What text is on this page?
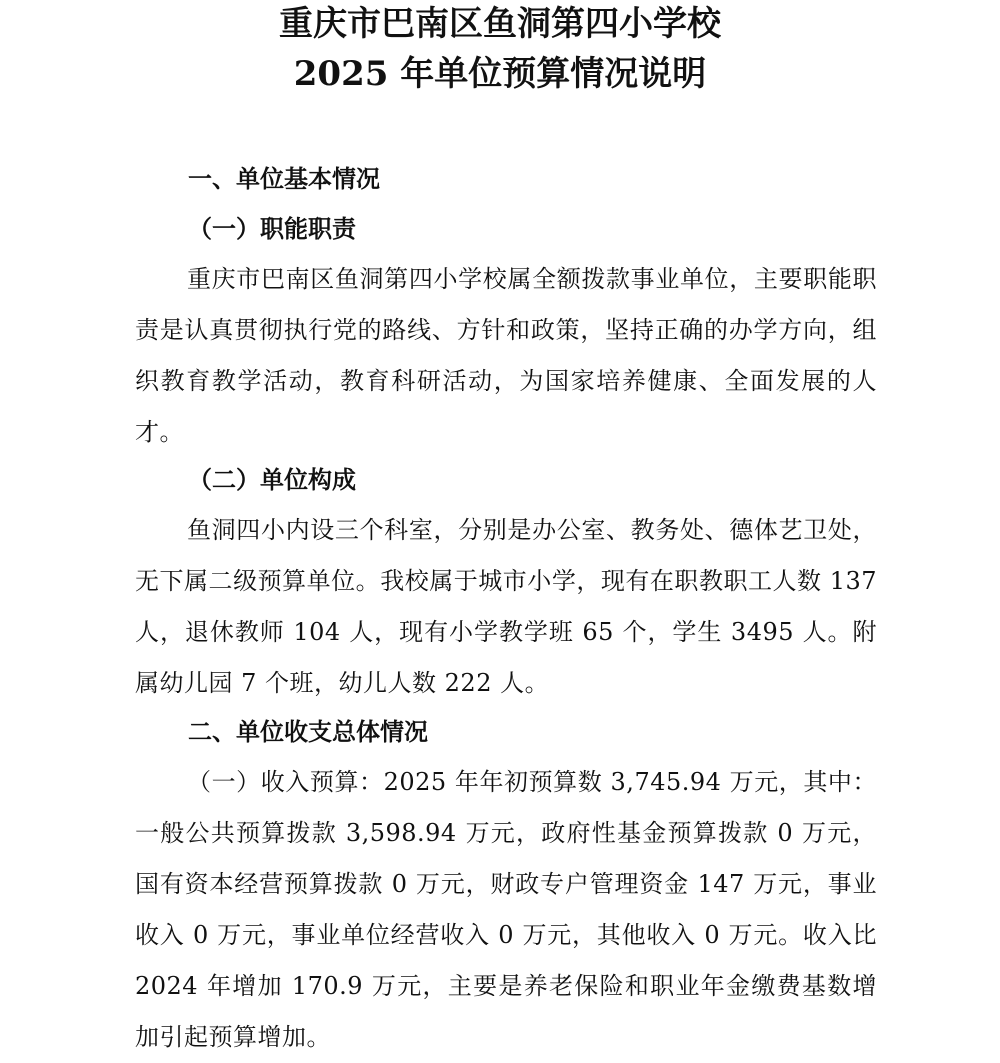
重庆市巴南区鱼洞第四小学校
2025 年单位预算情况说明
一、单位基本情况
（一）职能职责

重庆市巴南区鱼洞第四小学校属全额拨款事业单位，主要职能职责是认真贯彻执行党的路线、方针和政策，坚持正确的办学方向，组织教育教学活动，教育科研活动，为国家培养健康、全面发展的人才。

（二）单位构成

鱼洞四小内设三个科室，分别是办公室、教务处、德体艺卫处，无下属二级预算单位。我校属于城市小学，现有在职教职工人数 137 人，退休教师 104 人，现有小学教学班 65 个，学生 3495 人。附属幼儿园 7 个班，幼儿人数 222 人。

二、单位收支总体情况

（一）收入预算：2025 年年初预算数 3,745.94 万元，其中：一般公共预算拨款 3,598.94 万元，政府性基金预算拨款 0 万元，国有资本经营预算拨款 0 万元，财政专户管理资金 147 万元，事业收入 0 万元，事业单位经营收入 0 万元，其他收入 0 万元。收入比 2024 年增加 170.9 万元，主要是养老保险和职业年金缴费基数增加引起预算增加。
